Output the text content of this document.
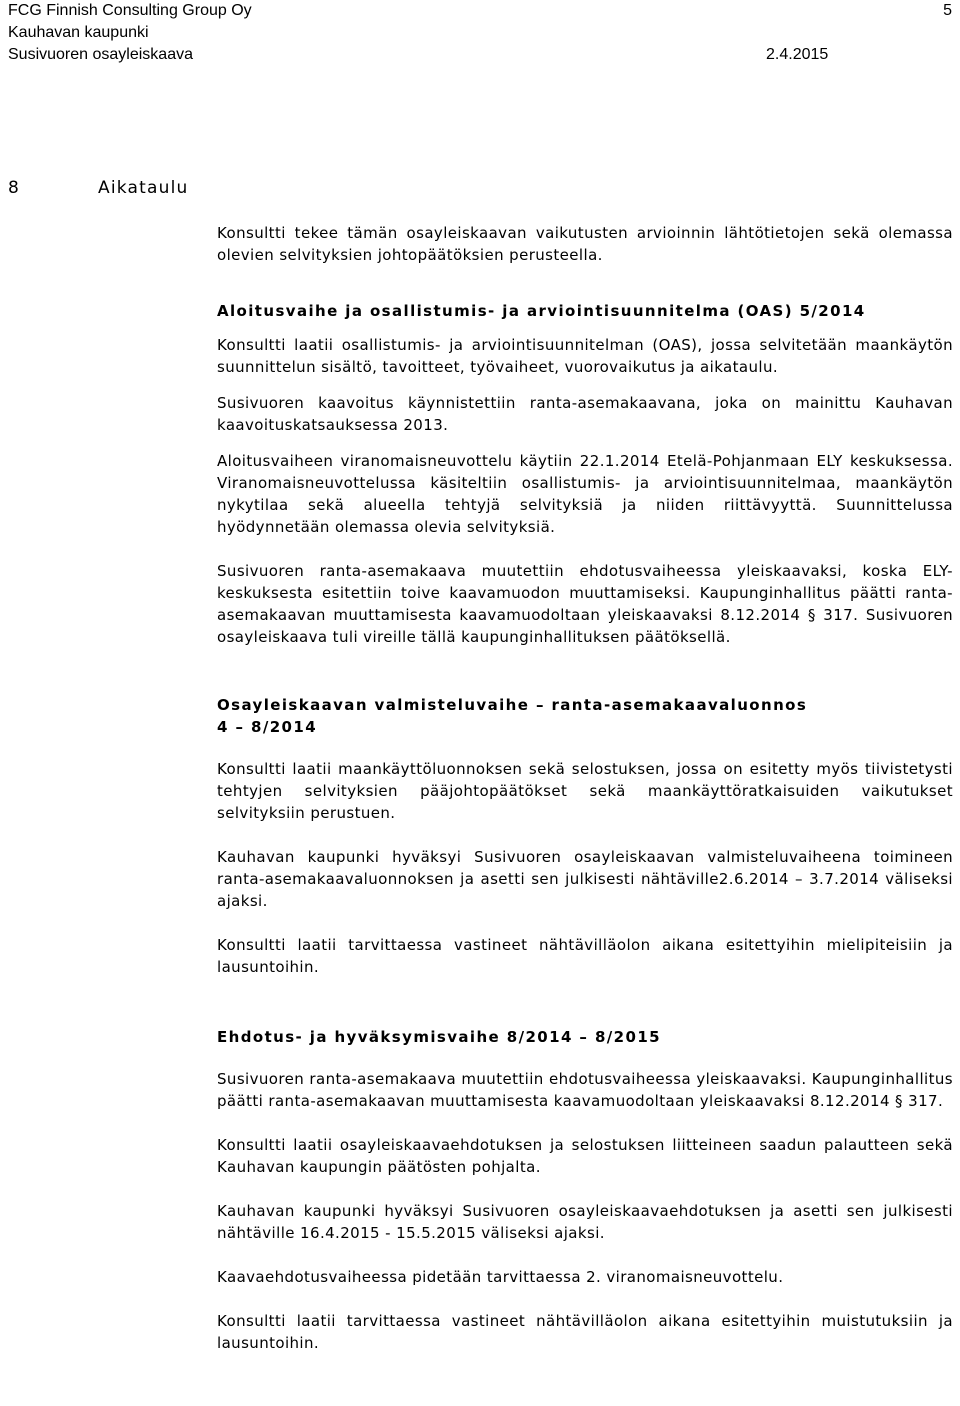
FCG Finnish Consulting Group Oy	5
Kauhavan kaupunki
Susivuoren osayleiskaava	2.4.2015
8	Aikataulu

Konsultti tekee tämän osayleiskaavan vaikutusten arvioinnin lähtötietojen sekä olemassa olevien selvityksien johtopäätöksien perusteella.

Aloitusvaihe ja osallistumis- ja arviointisuunnitelma (OAS) 5/2014

Konsultti laatii osallistumis- ja arviointisuunnitelman (OAS), jossa selvitetään maankäytön suunnittelun sisältö, tavoitteet, työvaiheet, vuorovaikutus ja aikataulu.

Susivuoren kaavoitus käynnistettiin ranta-asemakaavana, joka on mainittu Kauhavan kaavoituskatsauksessa 2013.

Aloitusvaiheen viranomaisneuvottelu käytiin 22.1.2014 Etelä-Pohjanmaan ELY keskuksessa. Viranomaisneuvottelussa käsiteltiin osallistumis- ja arviointisuunnitelmaa, maankäytön nykytilaa sekä alueella tehtyjä selvityksiä ja niiden riittävyyttä. Suunnittelussa hyödynnetään olemassa olevia selvityksiä.

Susivuoren ranta-asemakaava muutettiin ehdotusvaiheessa yleiskaavaksi, koska ELY-keskuksesta esitettiin toive kaavamuodon muuttamiseksi. Kaupunginhallitus päätti ranta-asemakaavan muuttamisesta kaavamuodoltaan yleiskaavaksi 8.12.2014 § 317. Susivuoren osayleiskaava tuli vireille tällä kaupunginhallituksen päätöksellä.

Osayleiskaavan valmisteluvaihe – ranta-asemakaavaluonnos
4 – 8/2014

Konsultti laatii maankäyttöluonnoksen sekä selostuksen, jossa on esitetty myös tiivistetysti tehtyjen selvityksien pääjohtopäätökset sekä maankäyttöratkaisuiden vaikutukset selvityksiin perustuen.

Kauhavan kaupunki hyväksyi Susivuoren osayleiskaavan valmisteluvaiheena toimineen ranta-asemakaavaluonnoksen ja asetti sen julkisesti nähtäville2.6.2014 – 3.7.2014 väliseksi ajaksi.

Konsultti laatii tarvittaessa vastineet nähtävilläolon aikana esitettyihin mielipiteisiin ja lausuntoihin.

Ehdotus- ja hyväksymisvaihe 8/2014 – 8/2015

Susivuoren ranta-asemakaava muutettiin ehdotusvaiheessa yleiskaavaksi. Kaupunginhallitus päätti ranta-asemakaavan muuttamisesta kaavamuodoltaan yleiskaavaksi 8.12.2014 § 317.

Konsultti laatii osayleiskaavaehdotuksen ja selostuksen liitteineen saadun palautteen sekä Kauhavan kaupungin päätösten pohjalta.

Kauhavan kaupunki hyväksyi Susivuoren osayleiskaavaehdotuksen ja asetti sen julkisesti nähtäville 16.4.2015 - 15.5.2015 väliseksi ajaksi.

Kaavaehdotusvaiheessa pidetään tarvittaessa 2. viranomaisneuvottelu.

Konsultti laatii tarvittaessa vastineet nähtävilläolon aikana esitettyihin muistutuksiin ja lausuntoihin.
